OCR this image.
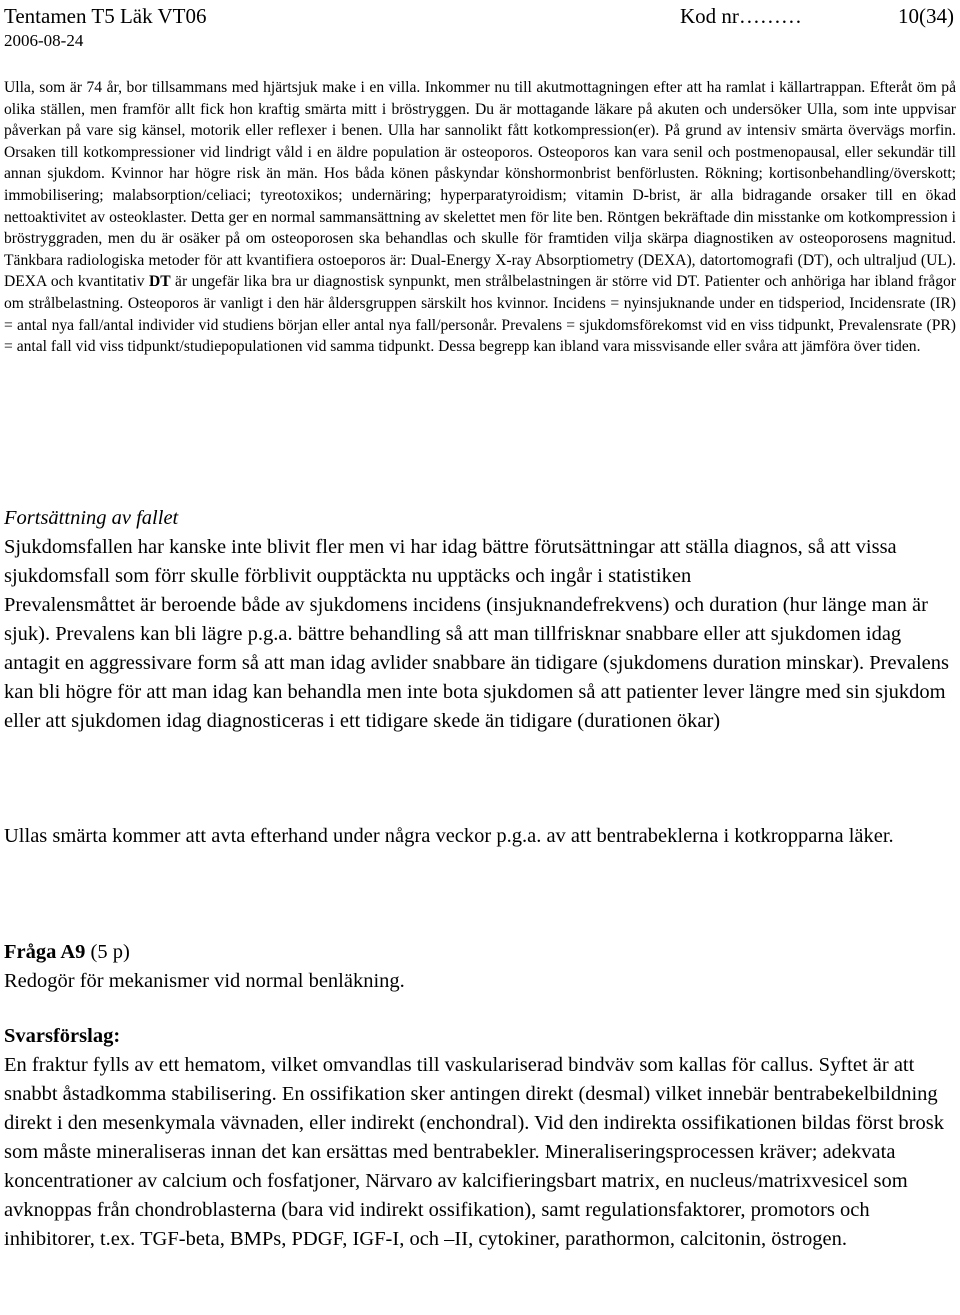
Tentamen T5 Läk VT06	Kod nr………	10(34)
2006-08-24
Ulla, som är 74 år, bor tillsammans med hjärtsjuk make i en villa. Inkommer nu till akutmottagningen efter att ha ramlat i källartrappan. Efteråt öm på olika ställen, men framför allt fick hon kraftig smärta mitt i bröstryggen. Du är mottagande läkare på akuten och undersöker Ulla, som inte uppvisar påverkan på vare sig känsel, motorik eller reflexer i benen. Ulla har sannolikt fått kotkompression(er). På grund av intensiv smärta övervägs morfin. Orsaken till kotkompressioner vid lindrigt våld i en äldre population är osteoporos. Osteoporos kan vara senil och postmenopausal, eller sekundär till annan sjukdom. Kvinnor har högre risk än män. Hos båda könen påskyndar könshormonbrist benförlusten. Rökning; kortisonbehandling/överskott; immobilisering; malabsorption/celiaci; tyreotoxikos; undernäring; hyperparatyroidism; vitamin D-brist, är alla bidragande orsaker till en ökad nettoaktivitet av osteoklaster. Detta ger en normal sammansättning av skelettet men för lite ben. Röntgen bekräftade din misstanke om kotkompression i bröstryggraden, men du är osäker på om osteoporosen ska behandlas och skulle för framtiden vilja skärpa diagnostiken av osteoporosens magnitud. Tänkbara radiologiska metoder för att kvantifiera ostoeporos är: Dual-Energy X-ray Absorptiometry (DEXA), datortomografi (DT), och ultraljud (UL). DEXA och kvantitativ DT är ungefär lika bra ur diagnostisk synpunkt, men strålbelastningen är större vid DT. Patienter och anhöriga har ibland frågor om strålbelastning. Osteoporos är vanligt i den här åldersgruppen särskilt hos kvinnor. Incidens = nyinsjuknande under en tidsperiod, Incidensrate (IR) = antal nya fall/antal individer vid studiens början eller antal nya fall/personår. Prevalens = sjukdomsförekomst vid en viss tidpunkt, Prevalensrate (PR) = antal fall vid viss tidpunkt/studiepopulationen vid samma tidpunkt. Dessa begrepp kan ibland vara missvisande eller svåra att jämföra över tiden.

Fortsättning av fallet

Sjukdomsfallen har kanske inte blivit fler men vi har idag bättre förutsättningar att ställa diagnos, så att vissa sjukdomsfall som förr skulle förblivit oupptäckta nu upptäcks och ingår i statistiken

Prevalensmåttet är beroende både av sjukdomens incidens (insjuknandefrekvens) och duration (hur länge man är sjuk). Prevalens kan bli lägre p.g.a. bättre behandling så att man tillfrisknar snabbare eller att sjukdomen idag antagit en aggressivare form så att man idag avlider snabbare än tidigare (sjukdomens duration minskar). Prevalens kan bli högre för att man idag kan behandla men inte bota sjukdomen så att patienter lever längre med sin sjukdom eller att sjukdomen idag diagnosticeras i ett tidigare skede än tidigare (durationen ökar)

Ullas smärta kommer att avta efterhand under några veckor p.g.a. av att bentrabeklerna i kotkropparna läker.

Fråga A9 (5 p)

Redogör för mekanismer vid normal benläkning.

Svarsförslag:

En fraktur fylls av ett hematom, vilket omvandlas till vaskulariserad bindväv som kallas för callus. Syftet är att snabbt åstadkomma stabilisering. En ossifikation sker antingen direkt (desmal) vilket innebär bentrabekelbildning direkt i den mesenkymala vävnaden, eller indirekt (enchondral). Vid den indirekta ossifikationen bildas först brosk som måste mineraliseras innan det kan ersättas med bentrabekler. Mineraliseringsprocessen kräver; adekvata koncentrationer av calcium och fosfatjoner, Närvaro av kalcifieringsbart matrix, en nucleus/matrixvesicel som avknoppas från chondroblasterna (bara vid indirekt ossifikation), samt regulationsfaktorer, promotors och inhibitorer, t.ex. TGF-beta, BMPs, PDGF, IGF-I, och –II, cytokiner, parathormon, calcitonin, östrogen.
